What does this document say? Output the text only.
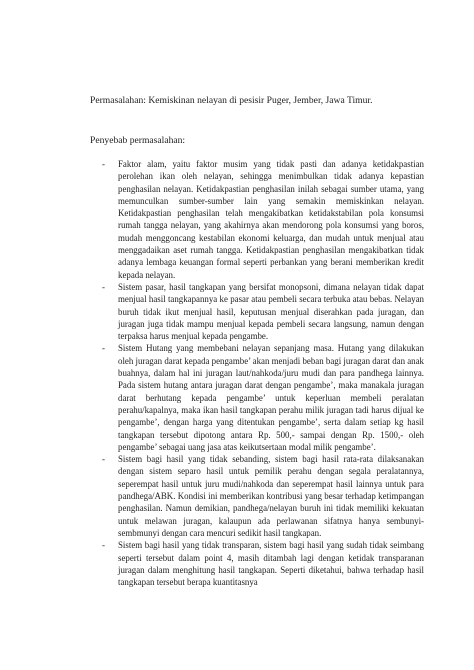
Permasalahan: Kemiskinan nelayan di pesisir Puger, Jember, Jawa Timur.
Penyebab permasalahan:
-	Faktor alam, yaitu faktor musim yang tidak pasti dan adanya ketidakpastian perolehan ikan oleh nelayan, sehingga menimbulkan tidak adanya kepastian penghasilan nelayan. Ketidakpastian penghasilan inilah sebagai sumber utama, yang memunculkan sumber-sumber lain yang semakin memiskinkan nelayan. Ketidakpastian penghasilan telah mengakibatkan ketidakstabilan pola konsumsi rumah tangga nelayan, yang akahirnya akan mendorong pola konsumsi yang boros, mudah menggoncang kestabilan ekonomi keluarga, dan mudah untuk menjual atau menggadaikan aset rumah tangga. Ketidakpastian penghasilan mengakibatkan tidak adanya lembaga keuangan formal seperti perbankan yang berani memberikan kredit kepada nelayan.
-	Sistem pasar, hasil tangkapan yang bersifat monopsoni, dimana nelayan tidak dapat menjual hasil tangkapannya ke pasar atau pembeli secara terbuka atau bebas. Nelayan buruh tidak ikut menjual hasil, keputusan menjual diserahkan pada juragan, dan juragan juga tidak mampu menjual kepada pembeli secara langsung, namun dengan terpaksa harus menjual kepada pengambe.
-	Sistem Hutang yang membebani nelayan sepanjang masa. Hutang yang dilakukan oleh juragan darat kepada pengambe’ akan menjadi beban bagi juragan darat dan anak buahnya, dalam hal ini juragan laut/nahkoda/juru mudi dan para pandhega lainnya. Pada sistem hutang antara juragan darat dengan pengambe’, maka manakala juragan darat berhutang kepada pengambe’ untuk keperluan membeli peralatan perahu/kapalnya, maka ikan hasil tangkapan perahu milik juragan tadi harus dijual ke pengambe’, dengan harga yang ditentukan pengambe’, serta dalam setiap kg hasil tangkapan tersebut dipotong antara Rp. 500,- sampai dengan Rp. 1500,- oleh pengambe’ sebagai uang jasa atas keikutsertaan modal milik pengambe’.
-	Sistem bagi hasil yang tidak sebanding, sistem bagi hasil rata-rata dilaksanakan dengan sistem separo hasil untuk pemilik perahu dengan segala peralatannya, seperempat hasil untuk juru mudi/nahkoda dan seperempat hasil lainnya untuk para pandhega/ABK. Kondisi ini memberikan kontribusi yang besar terhadap ketimpangan penghasilan. Namun demikian, pandhega/nelayan buruh ini tidak memiliki kekuatan untuk melawan juragan, kalaupun ada perlawanan sifatnya hanya sembunyi-sembmunyi dengan cara mencuri sedikit hasil tangkapan.
-	Sistem bagi hasil yang tidak transparan, sistem bagi hasil yang sudah tidak seimbang seperti tersebut dalam point 4, masih ditambah lagi dengan ketidak transparanan juragan dalam menghitung hasil tangkapan. Seperti diketahui, bahwa terhadap hasil tangkapan tersebut berapa kuantitasnya
